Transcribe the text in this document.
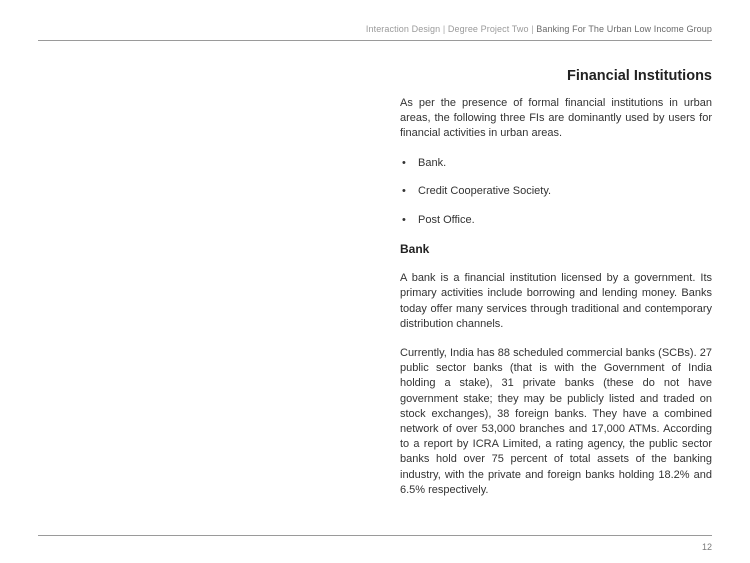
Interaction Design | Degree Project Two | Banking For The Urban Low Income Group
Financial Institutions

As per the presence of formal financial institutions in urban areas, the following three FIs are dominantly used by users for financial activities in urban areas.

• Bank.
• Credit Cooperative Society.
• Post Office.
Bank

A bank is a financial institution licensed by a government. Its primary activities include borrowing and lending money. Banks today offer many services through traditional and contemporary distribution channels.

Currently, India has 88 scheduled commercial banks (SCBs). 27 public sector banks (that is with the Government of India holding a stake), 31 private banks (these do not have government stake; they may be publicly listed and traded on stock exchanges), 38 foreign banks. They have a combined network of over 53,000 branches and 17,000 ATMs. According to a report by ICRA Limited, a rating agency, the public sector banks hold over 75 percent of total assets of the banking industry, with the private and foreign banks holding 18.2% and 6.5% respectively.

12
